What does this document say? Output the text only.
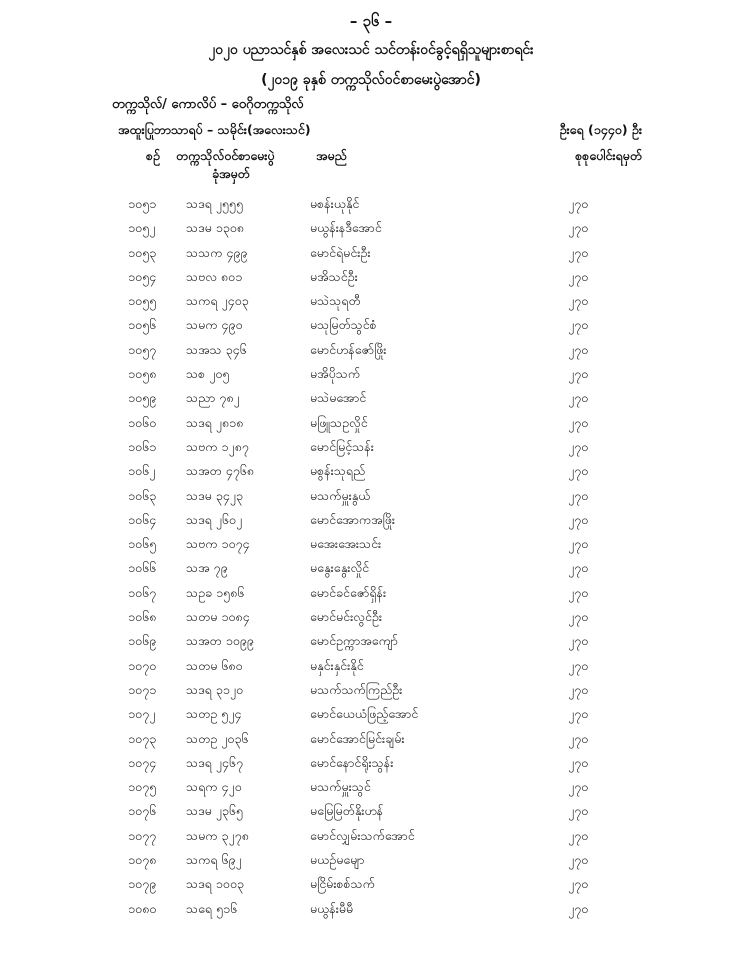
– ၃၆ –
၂၀၂၀ ပညာသင်နှစ် အလေးသင် သင်တန်းဝင်ခွင့်ရရှိသူများစာရင်း
(၂၀၁၉ ခုနှစ် တက္ကသိုလ်ဝင်စာမေးပွဲအောင်)
တက္ကသိုလ်/ ကောလိပ် – ဝေဂိုတက္ကသိုလ်
အထူးပြုဘာသာရပ် – သမိုင်း(အလေးသင်)	ဦးရေ (၁၄၄၀) ဦး
စဉ် တက္ကသိုလ်ဝင်စာမေးပွဲ
ခုံအမှတ်
အမည်	စုစုပေါင်းရမှတ်
၁၀၅၁ သဒရ ၂၅၅၅	မစန်းယုနိုင်	၂၇၀
၁၀၅၂ သဒမ ၁၃၀၈	မယွန်းနဒီအောင်	၂၇၀
၁၀၅၃ သသက ၄၉၉	မောင်ရဲမင်းဦး	၂၇၀
၁၀၅၄ သဗလ ၈၀၁	မအိသင်ဦး	၂၇၀
၁၀၅၅ သကရ ၂၄၀၃	မသဲသုရတီ	၂၇၀
၁၀၅၆ သမက ၄၉၀	မသုမြတ်သွင်စံ	၂၇၀
၁၀၅၇ သအသ ၃၄၆	မောင်ဟန်ဇော်ဖြိုး	၂၇၀
၁၀၅၈ သစ ၂၀၅	မအိပိုသက်	၂၇၀
၁၀၅၉ သညာ ၇၈၂	မသဲမအောင်	၂၇၀
၁၀၆၀ သဒရ ၂၈၁၈	မဖြူသဥလှိုင်	၂၇၀
၁၀၆၁ သဗက ၁၂၈၇	မောင်မြင့်သန်း	၂၇၀
၁၀၆၂ သအတ ၄၇၆၈	မစွန်းသုရည်	၂၇၀
၁၀၆၃ သဒမ ၃၄၂၃	မသက်မှူးနွယ်	၂၇၀
၁၀၆၄ သဒရ ၂၆၀၂	မောင်အောကအဖြိုး	၂၇၀
၁၀၆၅ သဗက ၁၀၇၄	မအေးအေးသင်း	၂၇၀
၁၀၆၆ သအ ၇၉	မနွေးနွေးလှိုင်	၂၇၀
၁၀၆၇ သဥခ ၁၅၈၆	မောင်ခင်ဇော်ရှိန်း	၂၇၀
၁၀၆၈ သတမ ၁၀၈၄	မောင်မင်းလွင်ဦး	၂၇၀
၁၀၆၉ သအတ ၁၀၉၉	မောင်ဥက္ကာအကျော်	၂၇၀
၁၀၇၀ သတမ ၆၈၀	မနှင်းနှင်းနိုင်	၂၇၀
၁၀၇၁ သဒရ ၃၁၂၀	မသက်သက်ကြည်ဦး	၂၇၀
၁၀၇၂ သတဥ ၅၂၄	မောင်ယေယံဖြည့်အောင်	၂၇၀
၁၀၇၃ သတဥ ၂၀၃၆	မောင်အောင်မြင်းချမ်း	၂၇၀
၁၀၇၄ သဒရ ၂၄၆၇	မောင်နောင်ရိုးသွန်း	၂၇၀
၁၀၇၅ သရက ၄၂၀	မသက်မှူးသွင်	၂၇၀
၁၀၇၆ သဒမ ၂၃၆၅	မမြေမြတ်နိုးဟန်	၂၇၀
၁၀၇၇ သမက ၃၂၇၈	မောင်လျှမ်းသက်အောင်	၂၇၀
၁၀၇၈ သကရ ၆၉၂	မယဉ်မမျော	၂၇၀
၁၀၇၉ သဒရ ၁၀၀၃	မငြိမ်းစစ်သက်	၂၇၀
၁၀၈၀ သရေ ၅၁၆	မယွန်းမီမီ	၂၇၀
